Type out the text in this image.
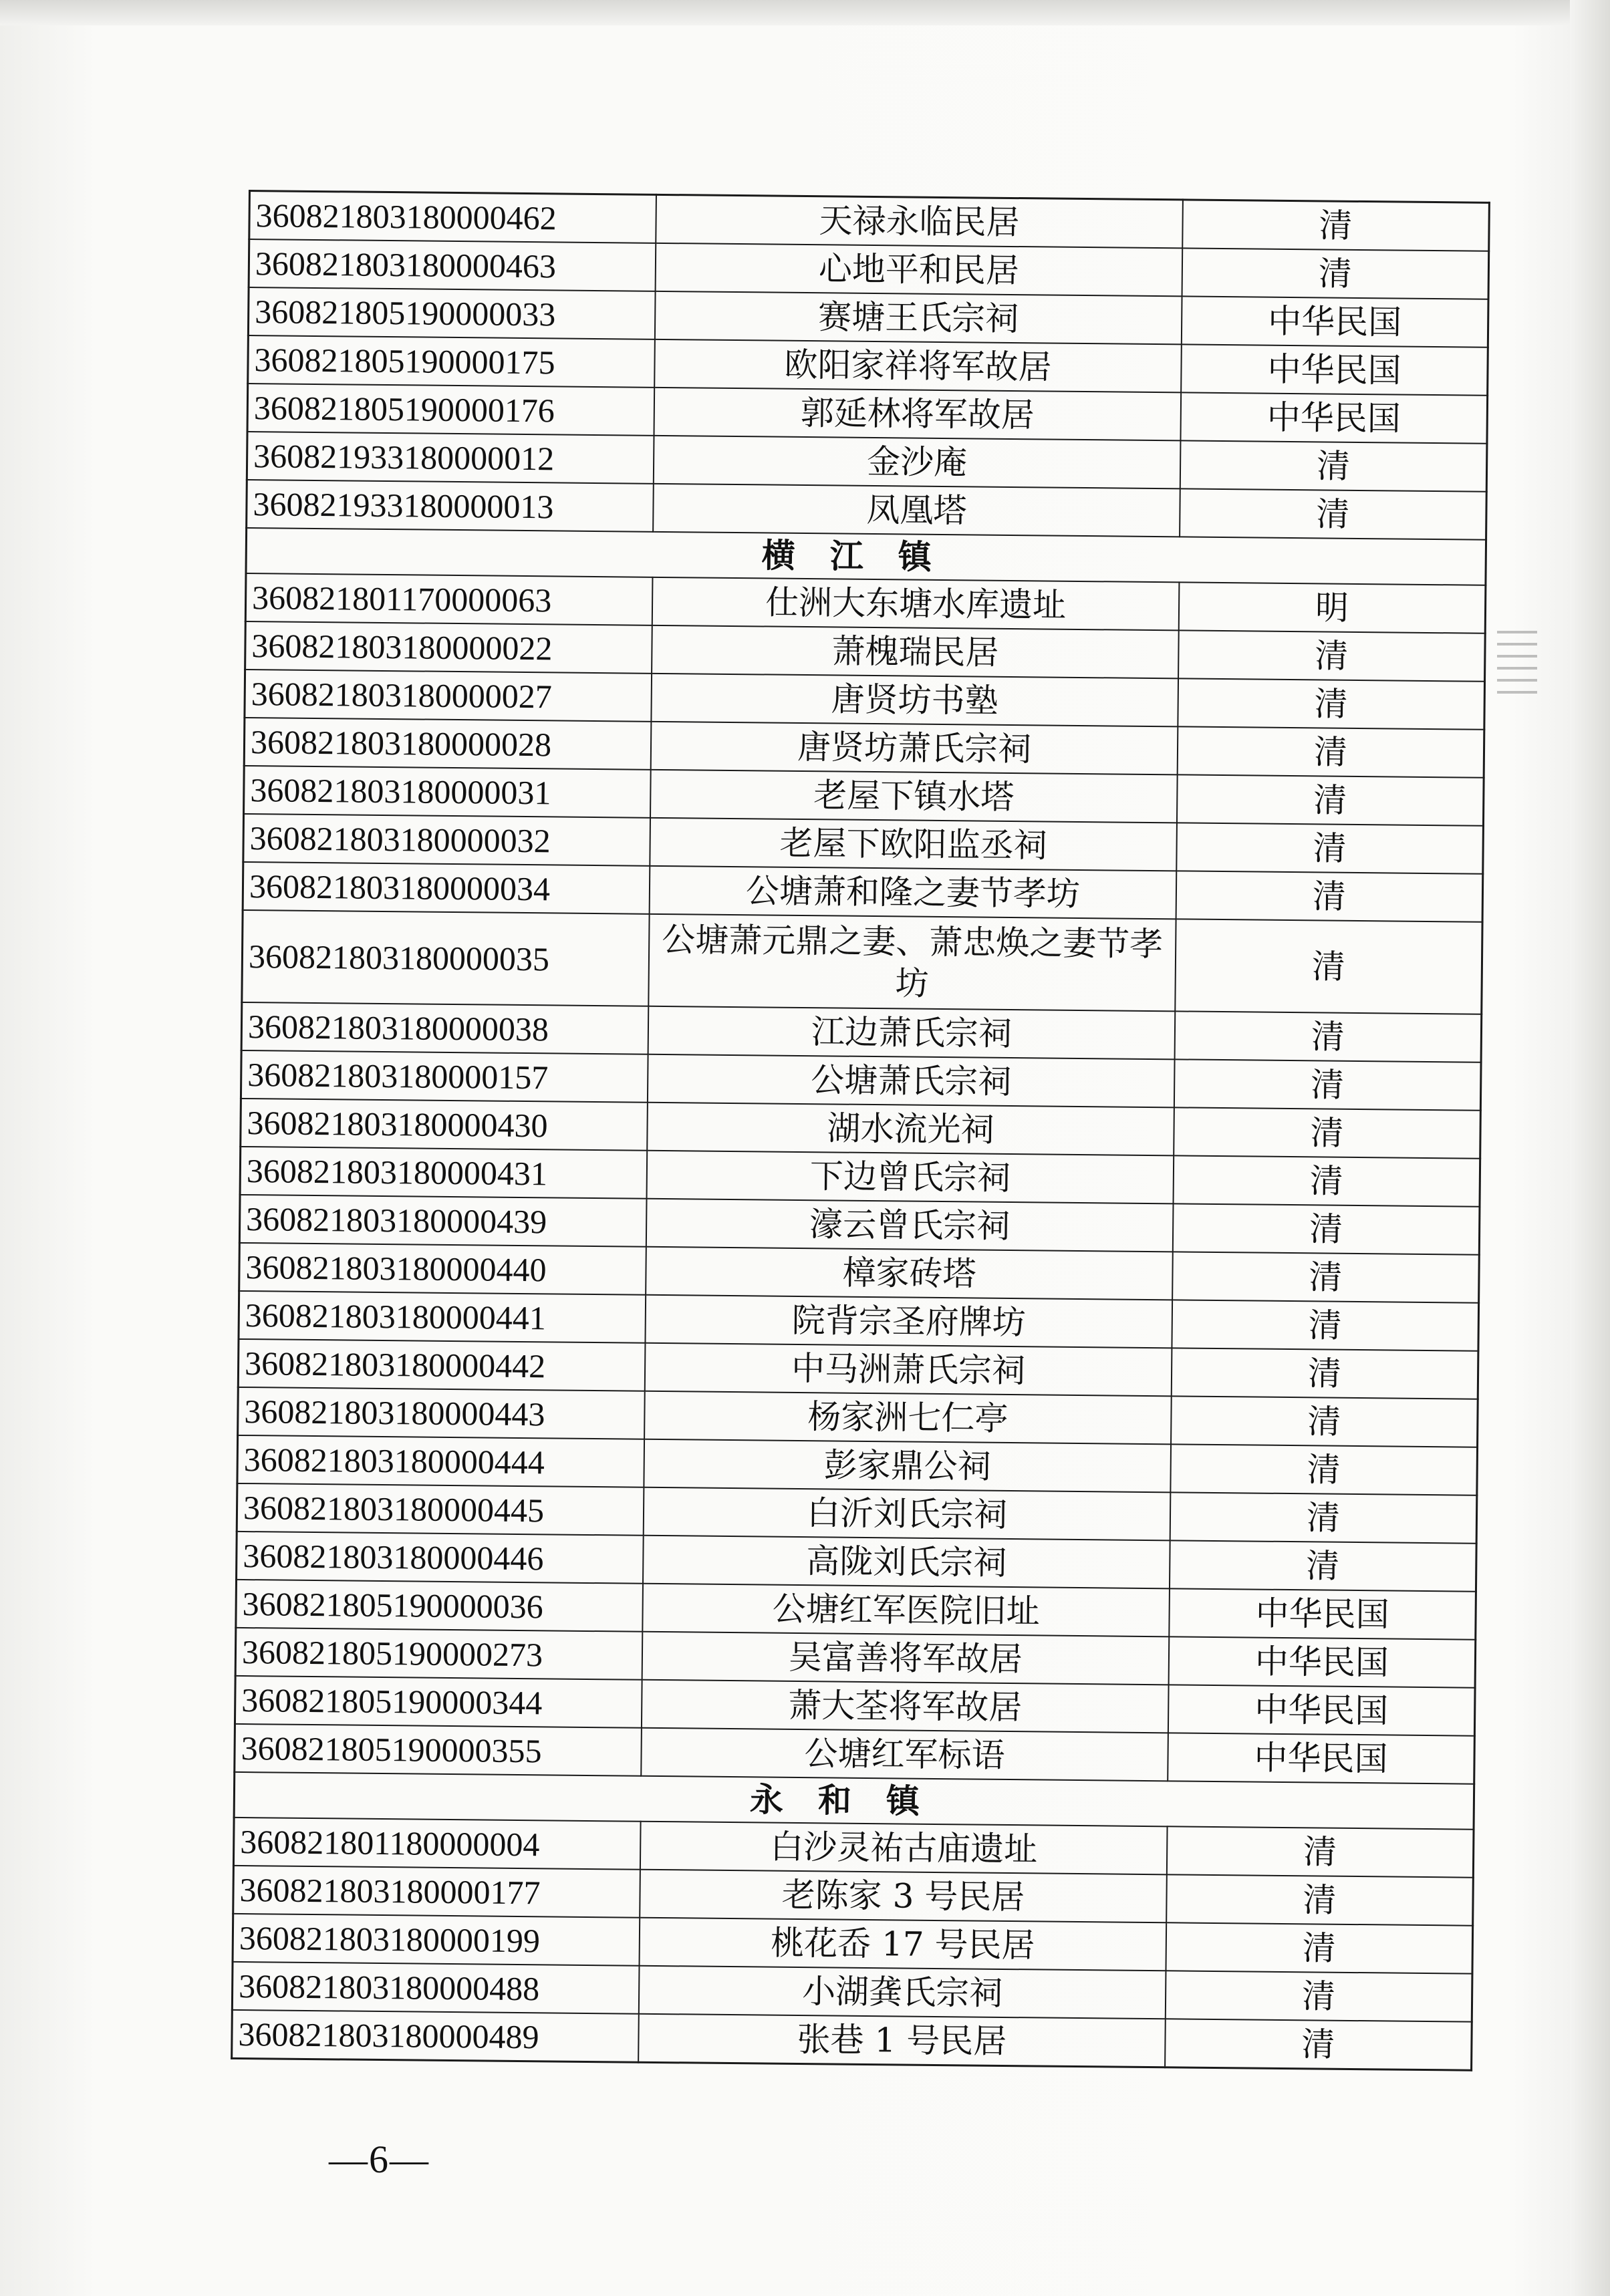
360821803180000462	天禄永临民居	清
360821803180000463	心地平和民居	清
360821805190000033	赛塘王氏宗祠	中华民国
360821805190000175	欧阳家祥将军故居	中华民国
360821805190000176	郭延林将军故居	中华民国
360821933180000012	金沙庵	清
360821933180000013	凤凰塔	清
横江镇		
360821801170000063	仕洲大东塘水库遗址	明
360821803180000022	萧槐瑞民居	清
360821803180000027	唐贤坊书塾	清
360821803180000028	唐贤坊萧氏宗祠	清
360821803180000031	老屋下镇水塔	清
360821803180000032	老屋下欧阳监丞祠	清
360821803180000034	公塘萧和隆之妻节孝坊	清
360821803180000035	公塘萧元鼎之妻、萧忠焕之妻节孝坊	清
360821803180000038	江边萧氏宗祠	清
360821803180000157	公塘萧氏宗祠	清
360821803180000430	湖水流光祠	清
360821803180000431	下边曾氏宗祠	清
360821803180000439	濠云曾氏宗祠	清
360821803180000440	樟家砖塔	清
360821803180000441	院背宗圣府牌坊	清
360821803180000442	中马洲萧氏宗祠	清
360821803180000443	杨家洲七仁亭	清
360821803180000444	彭家鼎公祠	清
360821803180000445	白沂刘氏宗祠	清
360821803180000446	高陇刘氏宗祠	清
360821805190000036	公塘红军医院旧址	中华民国
360821805190000273	吴富善将军故居	中华民国
360821805190000344	萧大荃将军故居	中华民国
360821805190000355	公塘红军标语	中华民国
永和镇		
360821801180000004	白沙灵祐古庙遗址	清
360821803180000177	老陈家 3 号民居	清
360821803180000199	桃花岙 17 号民居	清
360821803180000488	小湖龚氏宗祠	清
360821803180000489	张巷 1 号民居	清
—6—
